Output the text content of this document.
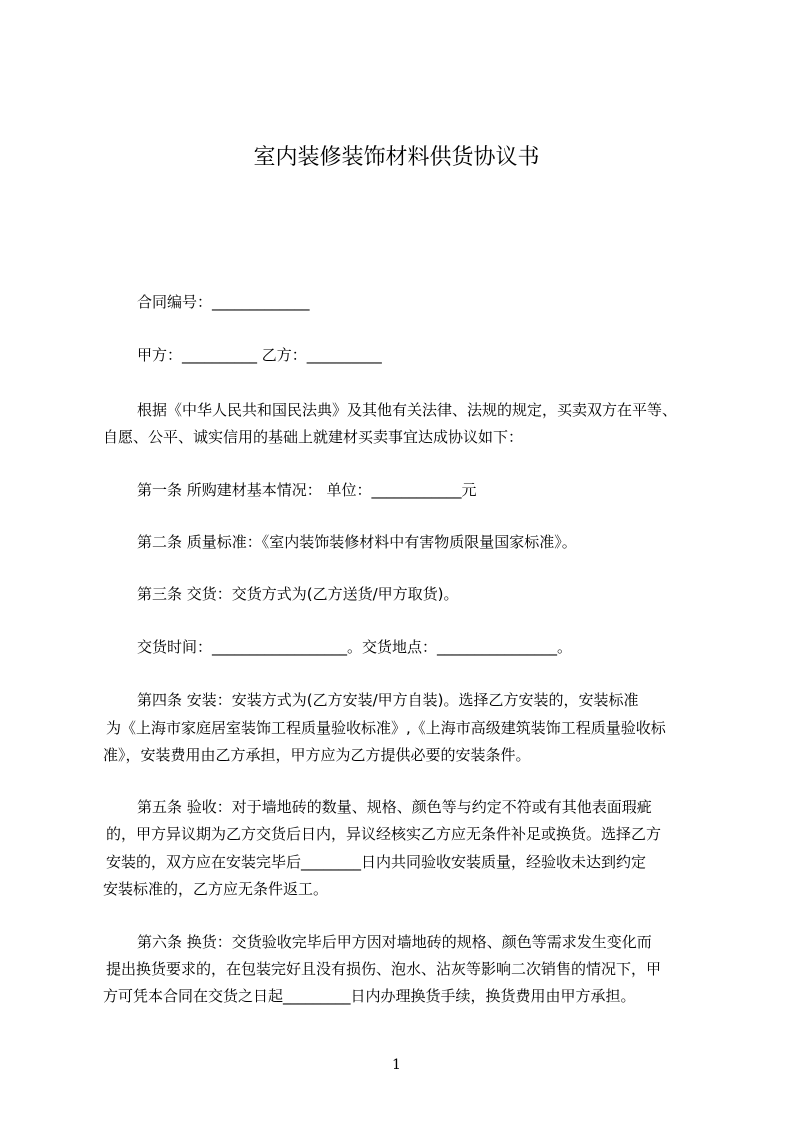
室内装修装饰材料供货协议书
合同编号：_____________
甲方：__________ 乙方：__________
根据《中华人民共和国民法典》及其他有关法律、法规的规定，买卖双方在平等、
自愿、公平、诚实信用的基础上就建材买卖事宜达成协议如下：
第一条 所购建材基本情况： 单位：____________元
第二条 质量标准：《室内装饰装修材料中有害物质限量国家标准》。
第三条 交货：交货方式为(乙方送货/甲方取货)。
交货时间：__________________。交货地点：________________。
第四条 安装：安装方式为(乙方安装/甲方自装)。选择乙方安装的，安装标准
为《上海市家庭居室装饰工程质量验收标准》,《上海市高级建筑装饰工程质量验收标
准》，安装费用由乙方承担，甲方应为乙方提供必要的安装条件。
第五条 验收：对于墙地砖的数量、规格、颜色等与约定不符或有其他表面瑕疵
的，甲方异议期为乙方交货后日内，异议经核实乙方应无条件补足或换货。选择乙方
安装的，双方应在安装完毕后________日内共同验收安装质量，经验收未达到约定
安装标准的，乙方应无条件返工。
第六条 换货：交货验收完毕后甲方因对墙地砖的规格、颜色等需求发生变化而
提出换货要求的，在包装完好且没有损伤、泡水、沾灰等影响二次销售的情况下，甲
方可凭本合同在交货之日起_________日内办理换货手续，换货费用由甲方承担。
1
